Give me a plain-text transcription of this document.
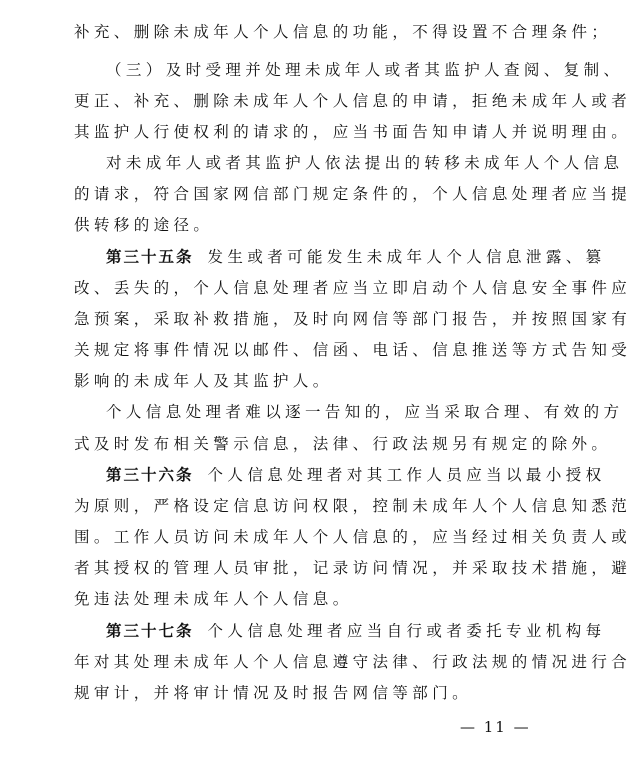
补充、删除未成年人个人信息的功能，不得设置不合理条件；
（三）及时受理并处理未成年人或者其监护人查阅、复制、
更正、补充、删除未成年人个人信息的申请，拒绝未成年人或者
其监护人行使权利的请求的，应当书面告知申请人并说明理由。
对未成年人或者其监护人依法提出的转移未成年人个人信息
的请求，符合国家网信部门规定条件的，个人信息处理者应当提
供转移的途径。
第三十五条 发生或者可能发生未成年人个人信息泄露、篡
改、丢失的，个人信息处理者应当立即启动个人信息安全事件应
急预案，采取补救措施，及时向网信等部门报告，并按照国家有
关规定将事件情况以邮件、信函、电话、信息推送等方式告知受
影响的未成年人及其监护人。
个人信息处理者难以逐一告知的，应当采取合理、有效的方
式及时发布相关警示信息，法律、行政法规另有规定的除外。
第三十六条 个人信息处理者对其工作人员应当以最小授权
为原则，严格设定信息访问权限，控制未成年人个人信息知悉范
围。工作人员访问未成年人个人信息的，应当经过相关负责人或
者其授权的管理人员审批，记录访问情况，并采取技术措施，避
免违法处理未成年人个人信息。
第三十七条 个人信息处理者应当自行或者委托专业机构每
年对其处理未成年人个人信息遵守法律、行政法规的情况进行合
规审计，并将审计情况及时报告网信等部门。
— 11 —
